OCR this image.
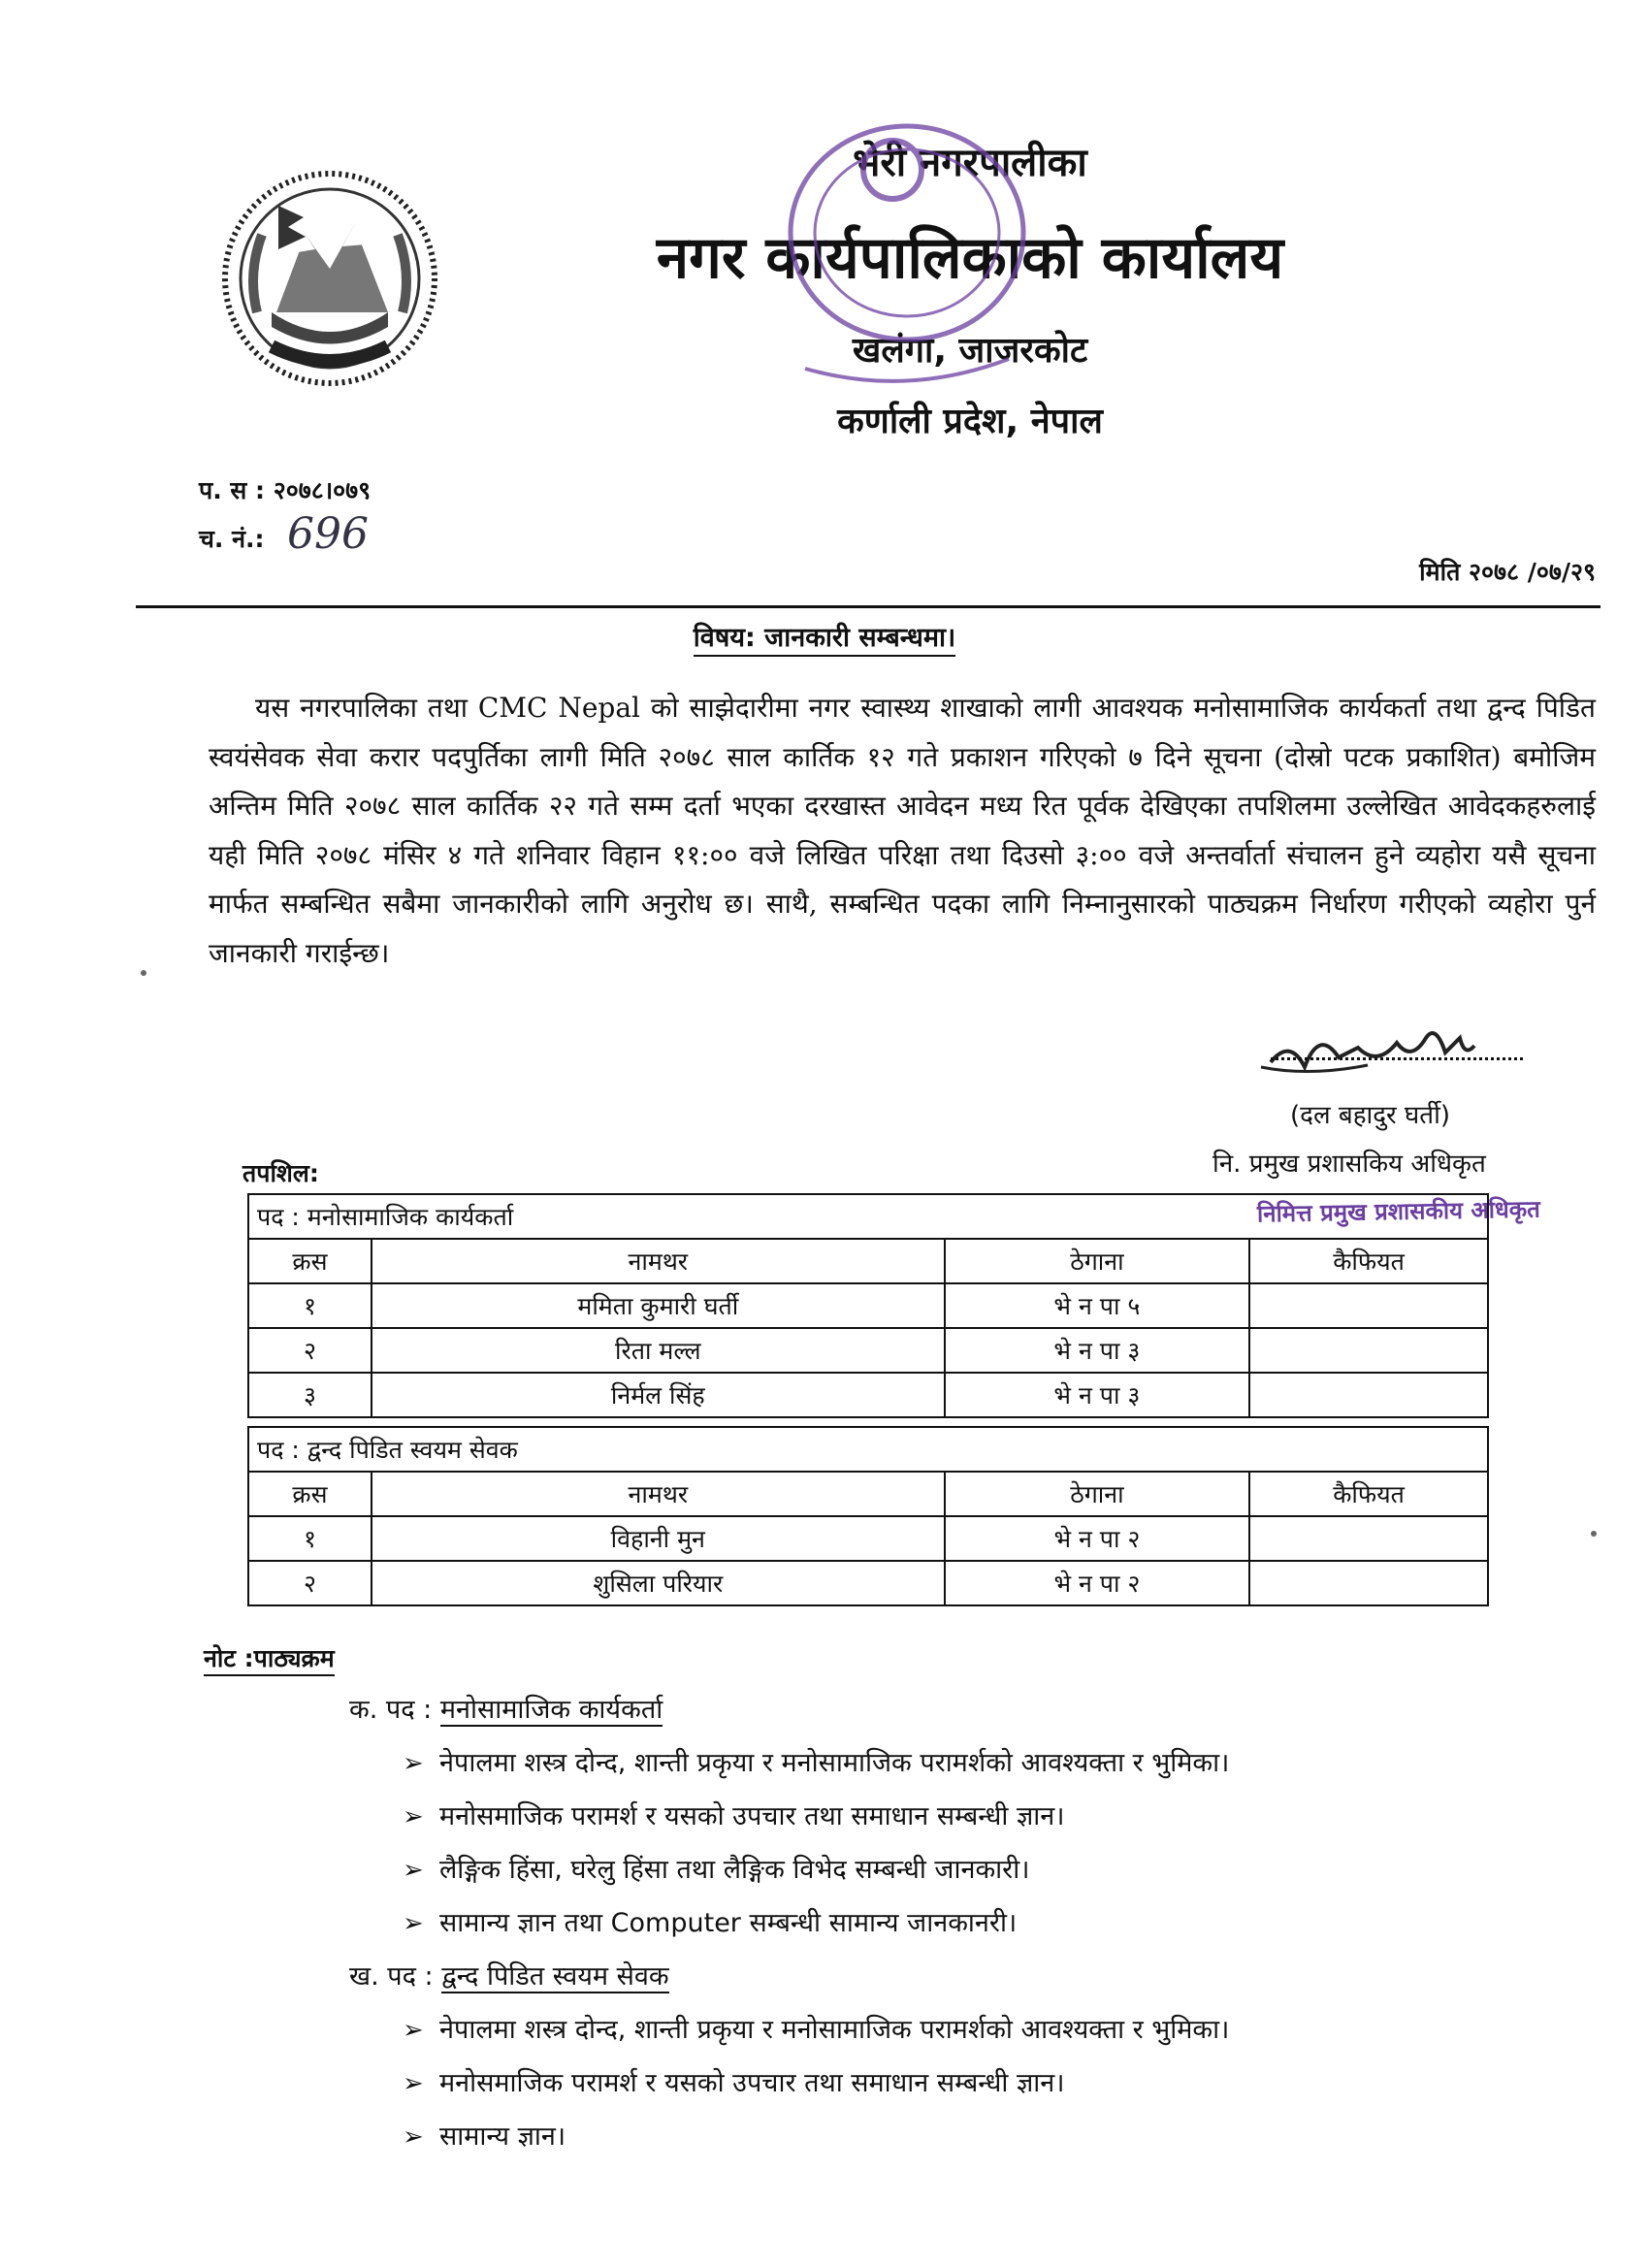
भेरी नगरपालीका
नगर कार्यपालिकाको कार्यालय
खलंगा, जाजरकोट
कर्णाली प्रदेश, नेपाल
प. स : २०७८।०७९
च. नं.: 696
मिति २०७८ /०७/२९
विषय: जानकारी सम्बन्धमा।
यस नगरपालिका तथा CMC Nepal को साझेदारीमा नगर स्वास्थ्य शाखाको लागी आवश्यक मनोसामाजिक कार्यकर्ता तथा द्वन्द पिडित स्वयंसेवक सेवा करार पदपुर्तिका लागी मिति २०७८ साल कार्तिक १२ गते प्रकाशन गरिएको ७ दिने सूचना (दोस्रो पटक प्रकाशित) बमोजिम अन्तिम मिति २०७८ साल कार्तिक २२ गते सम्म दर्ता भएका दरखास्त आवेदन मध्य रित पूर्वक देखिएका तपशिलमा उल्लेखित आवेदकहरुलाई यही मिति २०७८ मंसिर ४ गते शनिवार विहान ११:०० वजे लिखित परिक्षा तथा दिउसो ३:०० वजे अन्तर्वार्ता संचालन हुने व्यहोरा यसै सूचना मार्फत सम्बन्धित सबैमा जानकारीको लागि अनुरोध छ। साथै, सम्बन्धित पदका लागि निम्नानुसारको पाठ्यक्रम निर्धारण गरीएको व्यहोरा पुर्न जानकारी गराईन्छ।
(दल बहादुर घर्ती)
नि. प्रमुख प्रशासकिय अधिकृत
निमित्त प्रमुख प्रशासकीय अधिकृत
तपशिल:
पद : मनोसामाजिक कार्यकर्ता			
क्रस	नामथर	ठेगाना	कैफियत
१	ममिता कुमारी घर्ती	भे न पा ५	
२	रिता मल्ल	भे न पा ३	
३	निर्मल सिंह	भे न पा ३	
पद : द्वन्द पिडित स्वयम सेवक			
क्रस	नामथर	ठेगाना	कैफियत
१	विहानी मुन	भे न पा २	
२	शुसिला परियार	भे न पा २	
नोट :पाठ्यक्रम
क. पद : मनोसामाजिक कार्यकर्ता
➢ नेपालमा शस्त्र दोन्द, शान्ती प्रकृया र मनोसामाजिक परामर्शको आवश्यक्ता र भुमिका।
➢ मनोसमाजिक परामर्श र यसको उपचार तथा समाधान सम्बन्धी ज्ञान।
➢ लैङ्गिक हिंसा, घरेलु हिंसा तथा लैङ्गिक विभेद सम्बन्धी जानकारी।
➢ सामान्य ज्ञान तथा Computer सम्बन्धी सामान्य जानकानरी।
ख. पद : द्वन्द पिडित स्वयम सेवक
➢ नेपालमा शस्त्र दोन्द, शान्ती प्रकृया र मनोसामाजिक परामर्शको आवश्यक्ता र भुमिका।
➢ मनोसमाजिक परामर्श र यसको उपचार तथा समाधान सम्बन्धी ज्ञान।
➢ सामान्य ज्ञान।
